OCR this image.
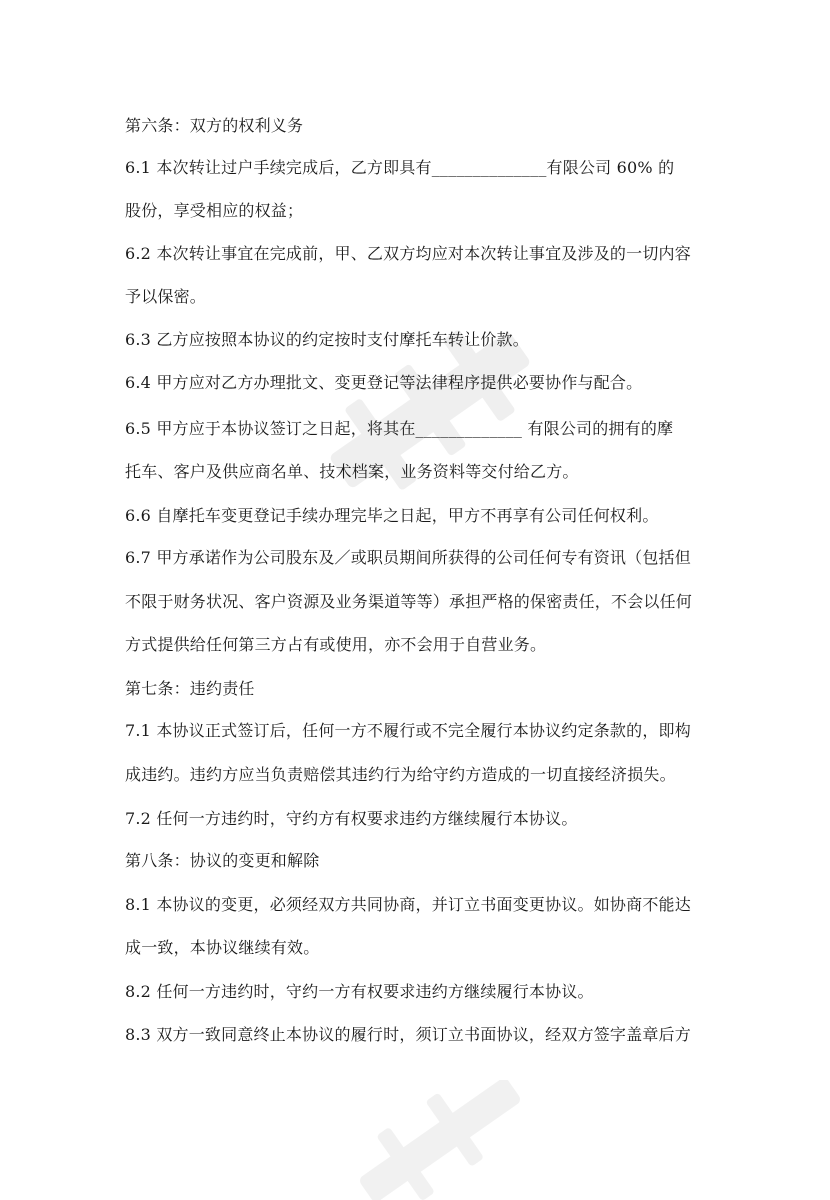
第六条：双方的权利义务
6.1 本次转让过户手续完成后，乙方即具有______________有限公司 60% 的
股份，享受相应的权益；
6.2 本次转让事宜在完成前，甲、乙双方均应对本次转让事宜及涉及的一切内容
予以保密。
6.3 乙方应按照本协议的约定按时支付摩托车转让价款。
6.4 甲方应对乙方办理批文、变更登记等法律程序提供必要协作与配合。
6.5 甲方应于本协议签订之日起，将其在_____________ 有限公司的拥有的摩
托车、客户及供应商名单、技术档案，业务资料等交付给乙方。
6.6 自摩托车变更登记手续办理完毕之日起，甲方不再享有公司任何权利。
6.7 甲方承诺作为公司股东及／或职员期间所获得的公司任何专有资讯（包括但
不限于财务状况、客户资源及业务渠道等等）承担严格的保密责任，不会以任何
方式提供给任何第三方占有或使用，亦不会用于自营业务。
第七条：违约责任
7.1 本协议正式签订后，任何一方不履行或不完全履行本协议约定条款的，即构
成违约。违约方应当负责赔偿其违约行为给守约方造成的一切直接经济损失。
7.2 任何一方违约时，守约方有权要求违约方继续履行本协议。
第八条：协议的变更和解除
8.1 本协议的变更，必须经双方共同协商，并订立书面变更协议。如协商不能达
成一致，本协议继续有效。
8.2 任何一方违约时，守约一方有权要求违约方继续履行本协议。
8.3 双方一致同意终止本协议的履行时，须订立书面协议，经双方签字盖章后方
